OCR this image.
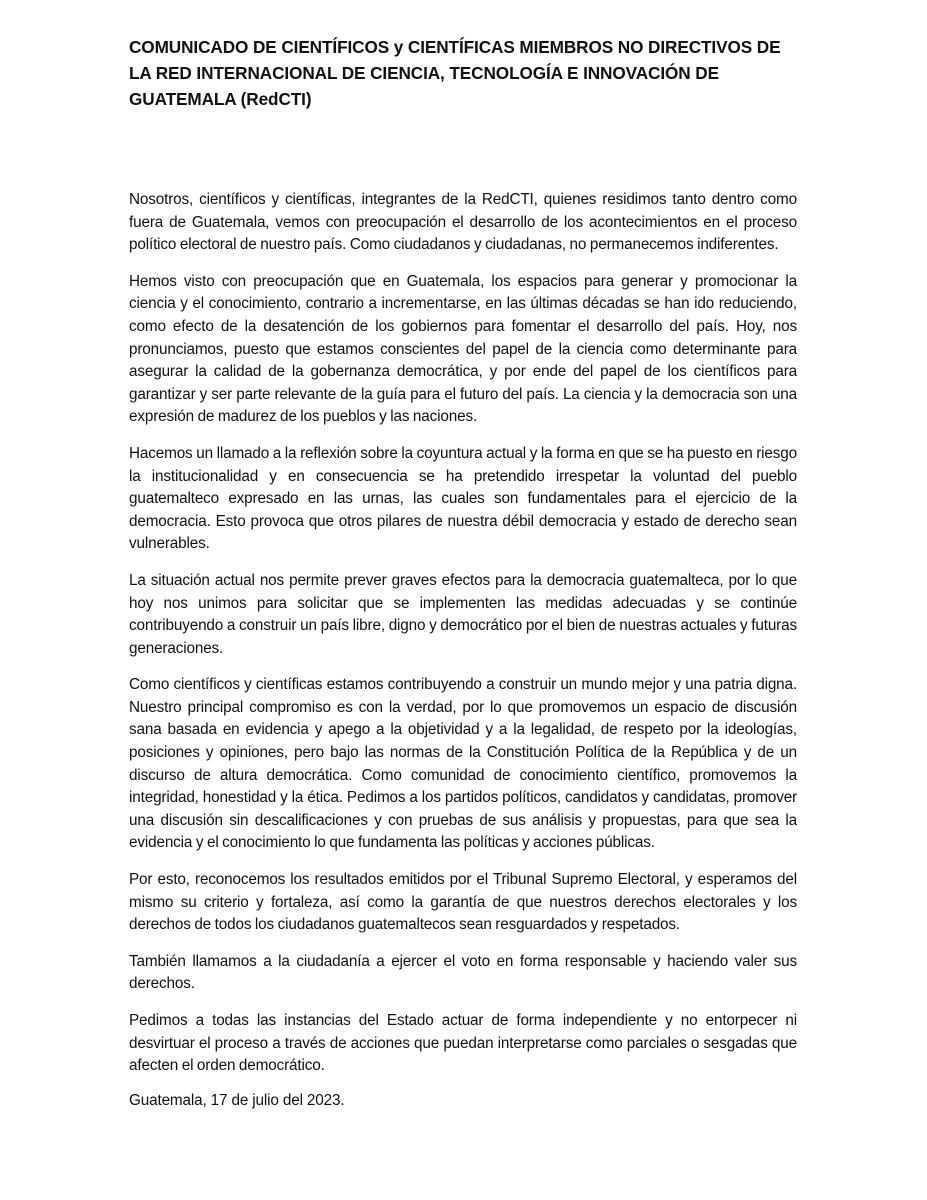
COMUNICADO DE CIENTÍFICOS y CIENTÍFICAS MIEMBROS NO DIRECTIVOS DE LA RED INTERNACIONAL DE CIENCIA, TECNOLOGÍA E INNOVACIÓN DE GUATEMALA (RedCTI)

Nosotros, científicos y científicas, integrantes de la RedCTI, quienes residimos tanto dentro como fuera de Guatemala, vemos con preocupación el desarrollo de los acontecimientos en el proceso político electoral de nuestro país. Como ciudadanos y ciudadanas, no permanecemos indiferentes.

Hemos visto con preocupación que en Guatemala, los espacios para generar y promocionar la ciencia y el conocimiento, contrario a incrementarse, en las últimas décadas se han ido reduciendo, como efecto de la desatención de los gobiernos para fomentar el desarrollo del país. Hoy, nos pronunciamos, puesto que estamos conscientes del papel de la ciencia como determinante para asegurar la calidad de la gobernanza democrática, y por ende del papel de los científicos para garantizar y ser parte relevante de la guía para el futuro del país. La ciencia y la democracia son una expresión de madurez de los pueblos y las naciones.

Hacemos un llamado a la reflexión sobre la coyuntura actual y la forma en que se ha puesto en riesgo la institucionalidad y en consecuencia se ha pretendido irrespetar la voluntad del pueblo guatemalteco expresado en las urnas, las cuales son fundamentales para el ejercicio de la democracia. Esto provoca que otros pilares de nuestra débil democracia y estado de derecho sean vulnerables.

La situación actual nos permite prever graves efectos para la democracia guatemalteca, por lo que hoy nos unimos para solicitar que se implementen las medidas adecuadas y se continúe contribuyendo a construir un país libre, digno y democrático por el bien de nuestras actuales y futuras generaciones.

Como científicos y científicas estamos contribuyendo a construir un mundo mejor y una patria digna. Nuestro principal compromiso es con la verdad, por lo que promovemos un espacio de discusión sana basada en evidencia y apego a la objetividad y a la legalidad, de respeto por la ideologías, posiciones y opiniones, pero bajo las normas de la Constitución Política de la República y de un discurso de altura democrática. Como comunidad de conocimiento científico, promovemos la integridad, honestidad y la ética. Pedimos a los partidos políticos, candidatos y candidatas, promover una discusión sin descalificaciones y con pruebas de sus análisis y propuestas, para que sea la evidencia y el conocimiento lo que fundamenta las políticas y acciones públicas.

Por esto, reconocemos los resultados emitidos por el Tribunal Supremo Electoral, y esperamos del mismo su criterio y fortaleza, así como la garantía de que nuestros derechos electorales y los derechos de todos los ciudadanos guatemaltecos sean resguardados y respetados.

También llamamos a la ciudadanía a ejercer el voto en forma responsable y haciendo valer sus derechos.

Pedimos a todas las instancias del Estado actuar de forma independiente y no entorpecer ni desvirtuar el proceso a través de acciones que puedan interpretarse como parciales o sesgadas que afecten el orden democrático.

Guatemala, 17 de julio del 2023.
